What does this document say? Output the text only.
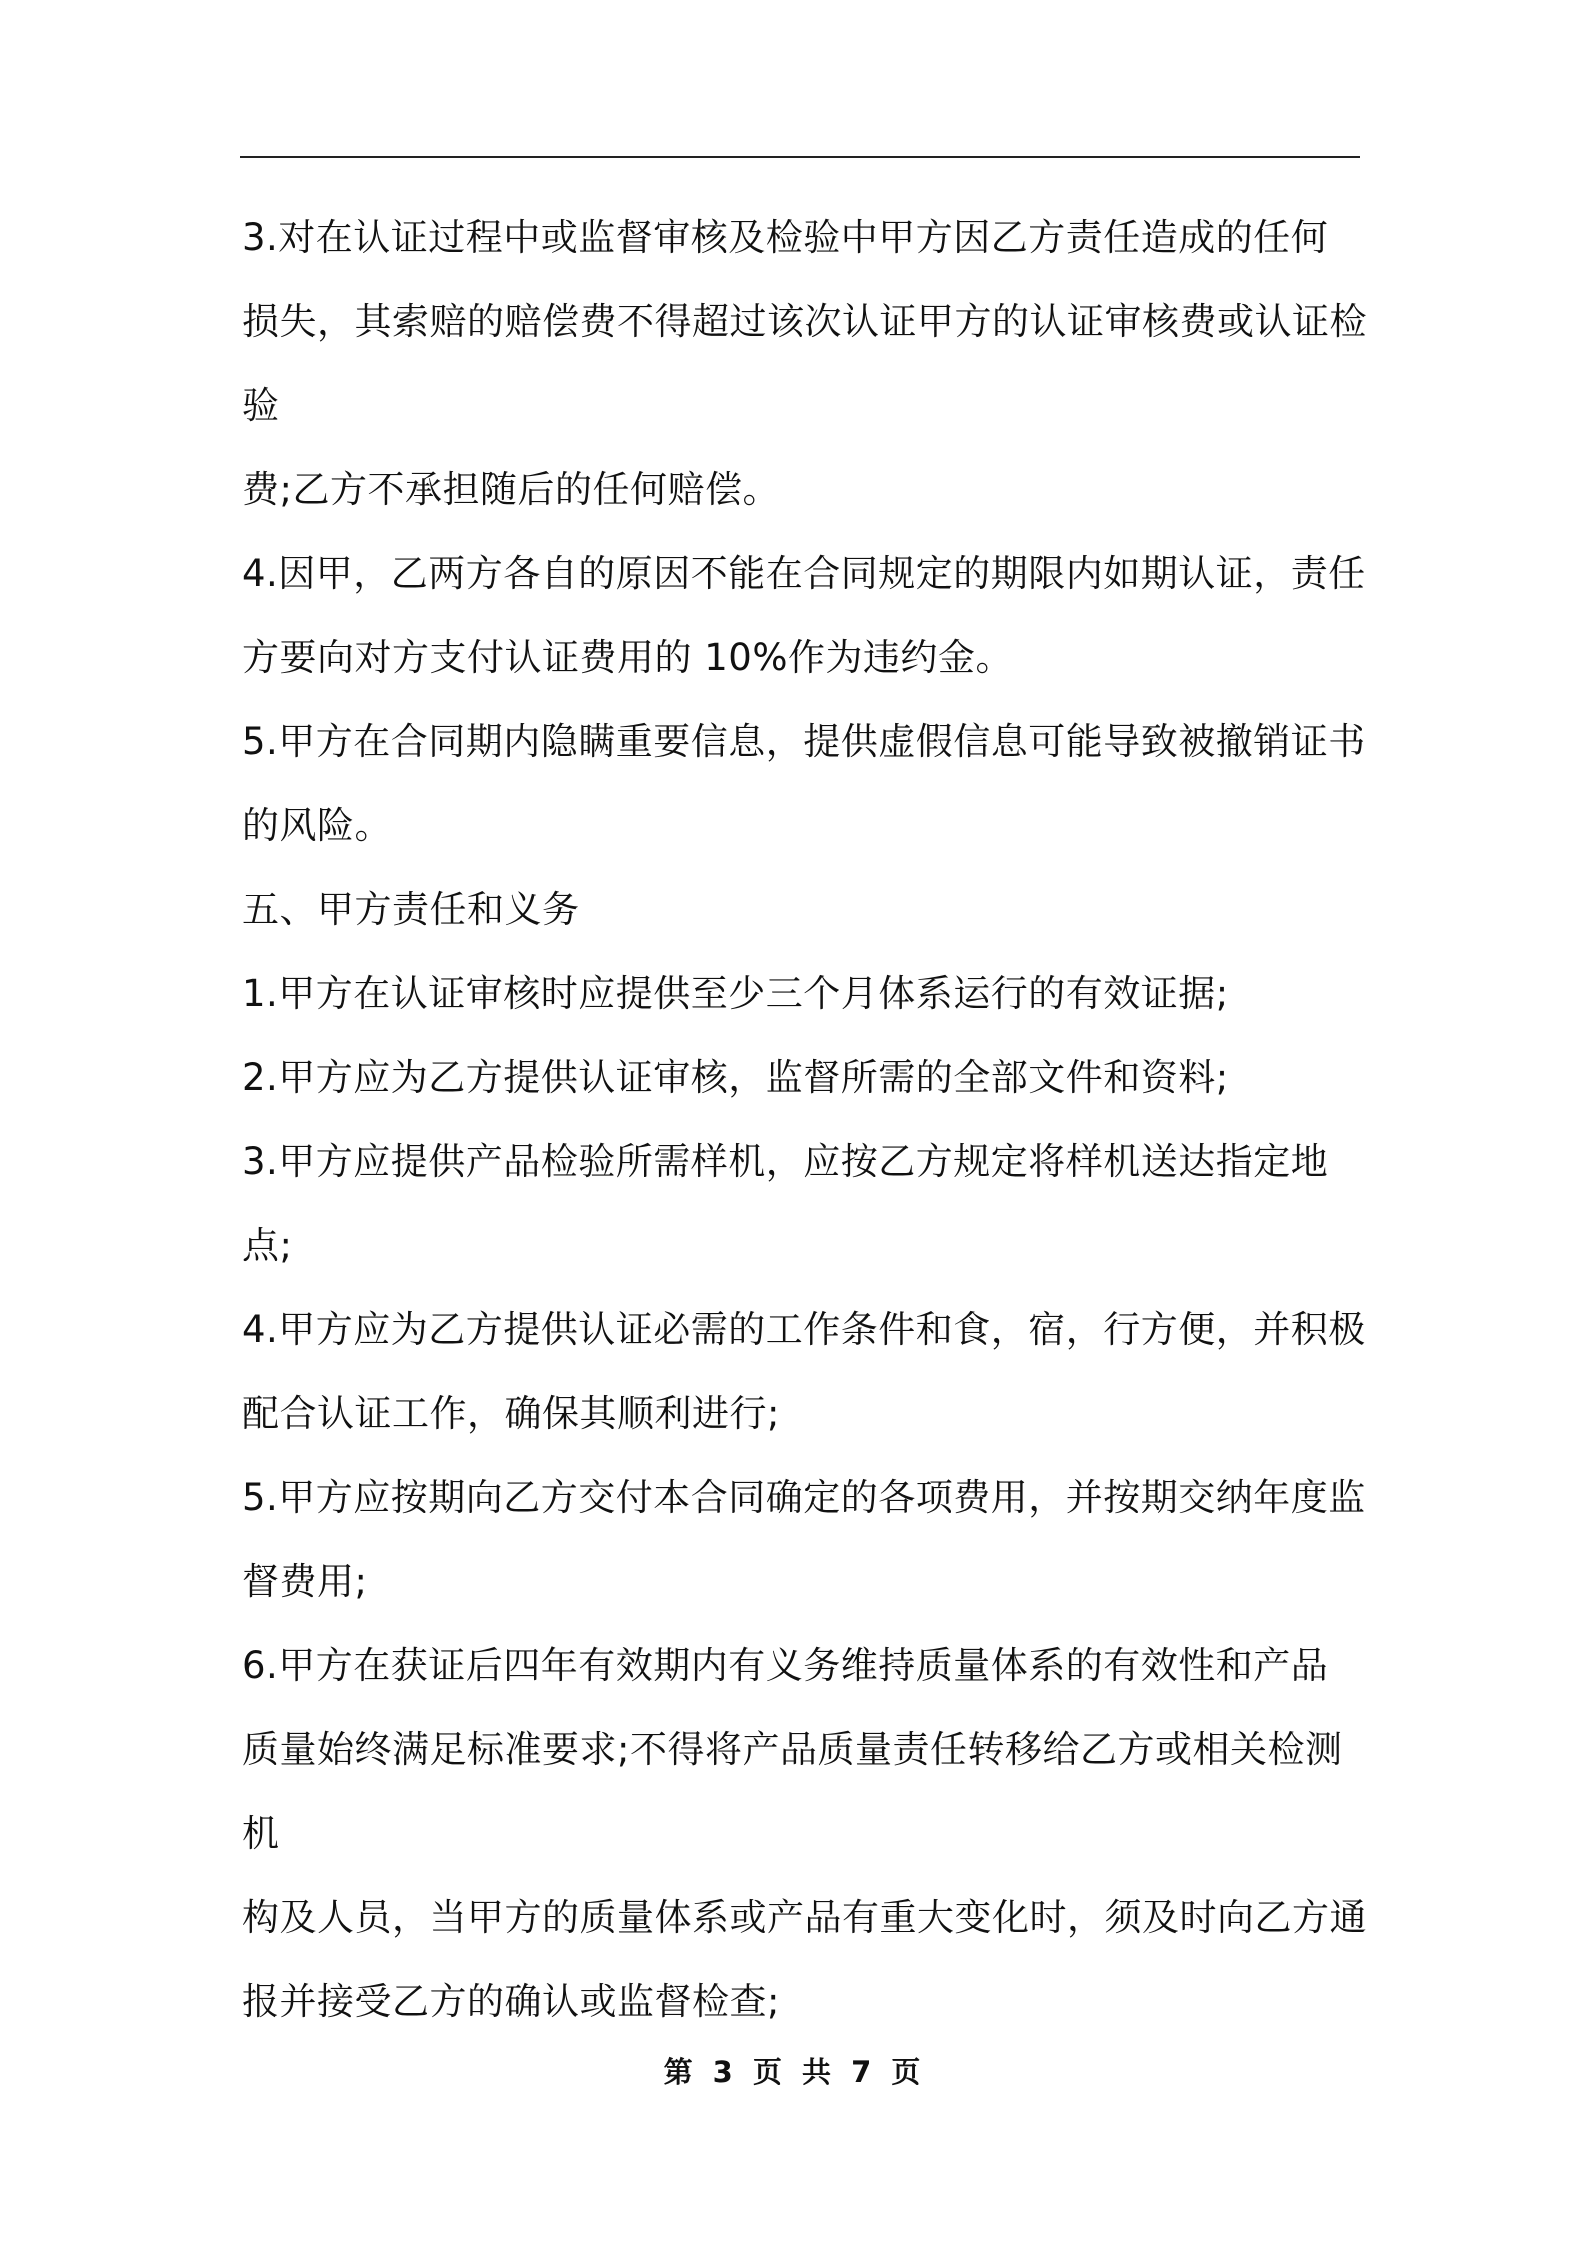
3.对在认证过程中或监督审核及检验中甲方因乙方责任造成的任何
损失，其索赔的赔偿费不得超过该次认证甲方的认证审核费或认证检
验
费;乙方不承担随后的任何赔偿。
4.因甲，乙两方各自的原因不能在合同规定的期限内如期认证，责任
方要向对方支付认证费用的 10%作为违约金。
5.甲方在合同期内隐瞒重要信息，提供虚假信息可能导致被撤销证书
的风险。
五、甲方责任和义务
1.甲方在认证审核时应提供至少三个月体系运行的有效证据;
2.甲方应为乙方提供认证审核，监督所需的全部文件和资料;
3.甲方应提供产品检验所需样机，应按乙方规定将样机送达指定地
点;
4.甲方应为乙方提供认证必需的工作条件和食，宿，行方便，并积极
配合认证工作，确保其顺利进行;
5.甲方应按期向乙方交付本合同确定的各项费用，并按期交纳年度监
督费用;
6.甲方在获证后四年有效期内有义务维持质量体系的有效性和产品
质量始终满足标准要求;不得将产品质量责任转移给乙方或相关检测
机
构及人员，当甲方的质量体系或产品有重大变化时，须及时向乙方通
报并接受乙方的确认或监督检查;
第 3 页 共 7 页
